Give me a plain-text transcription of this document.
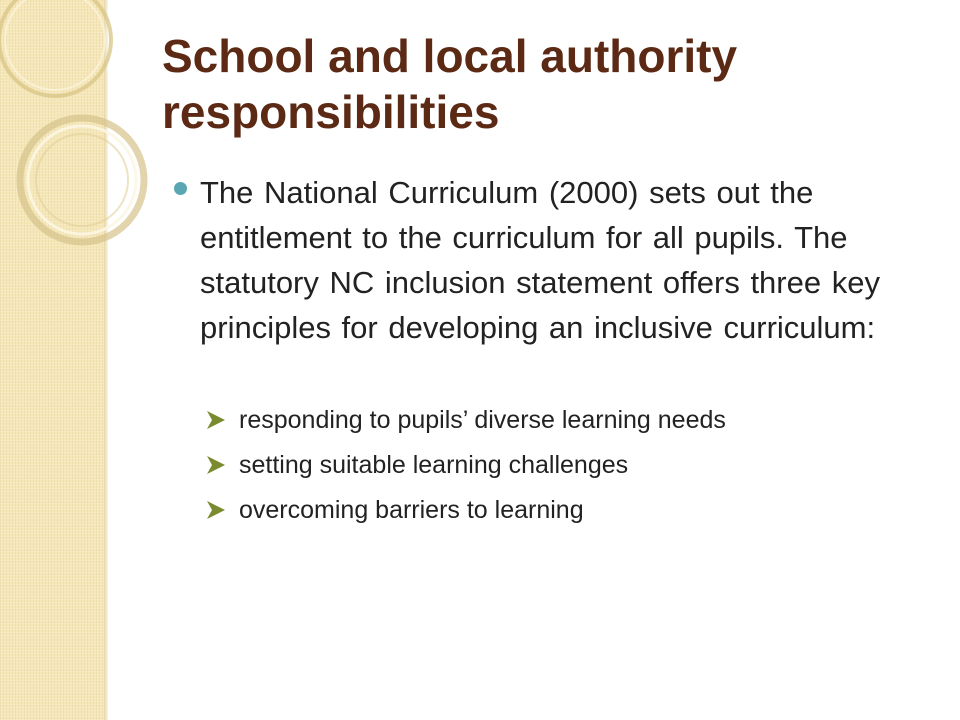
School and local authority responsibilities

The National Curriculum (2000) sets out the entitlement to the curriculum for all pupils. The statutory NC inclusion statement offers three key principles for developing an inclusive curriculum:

responding to pupils’ diverse learning needs
setting suitable learning challenges
overcoming barriers to learning
